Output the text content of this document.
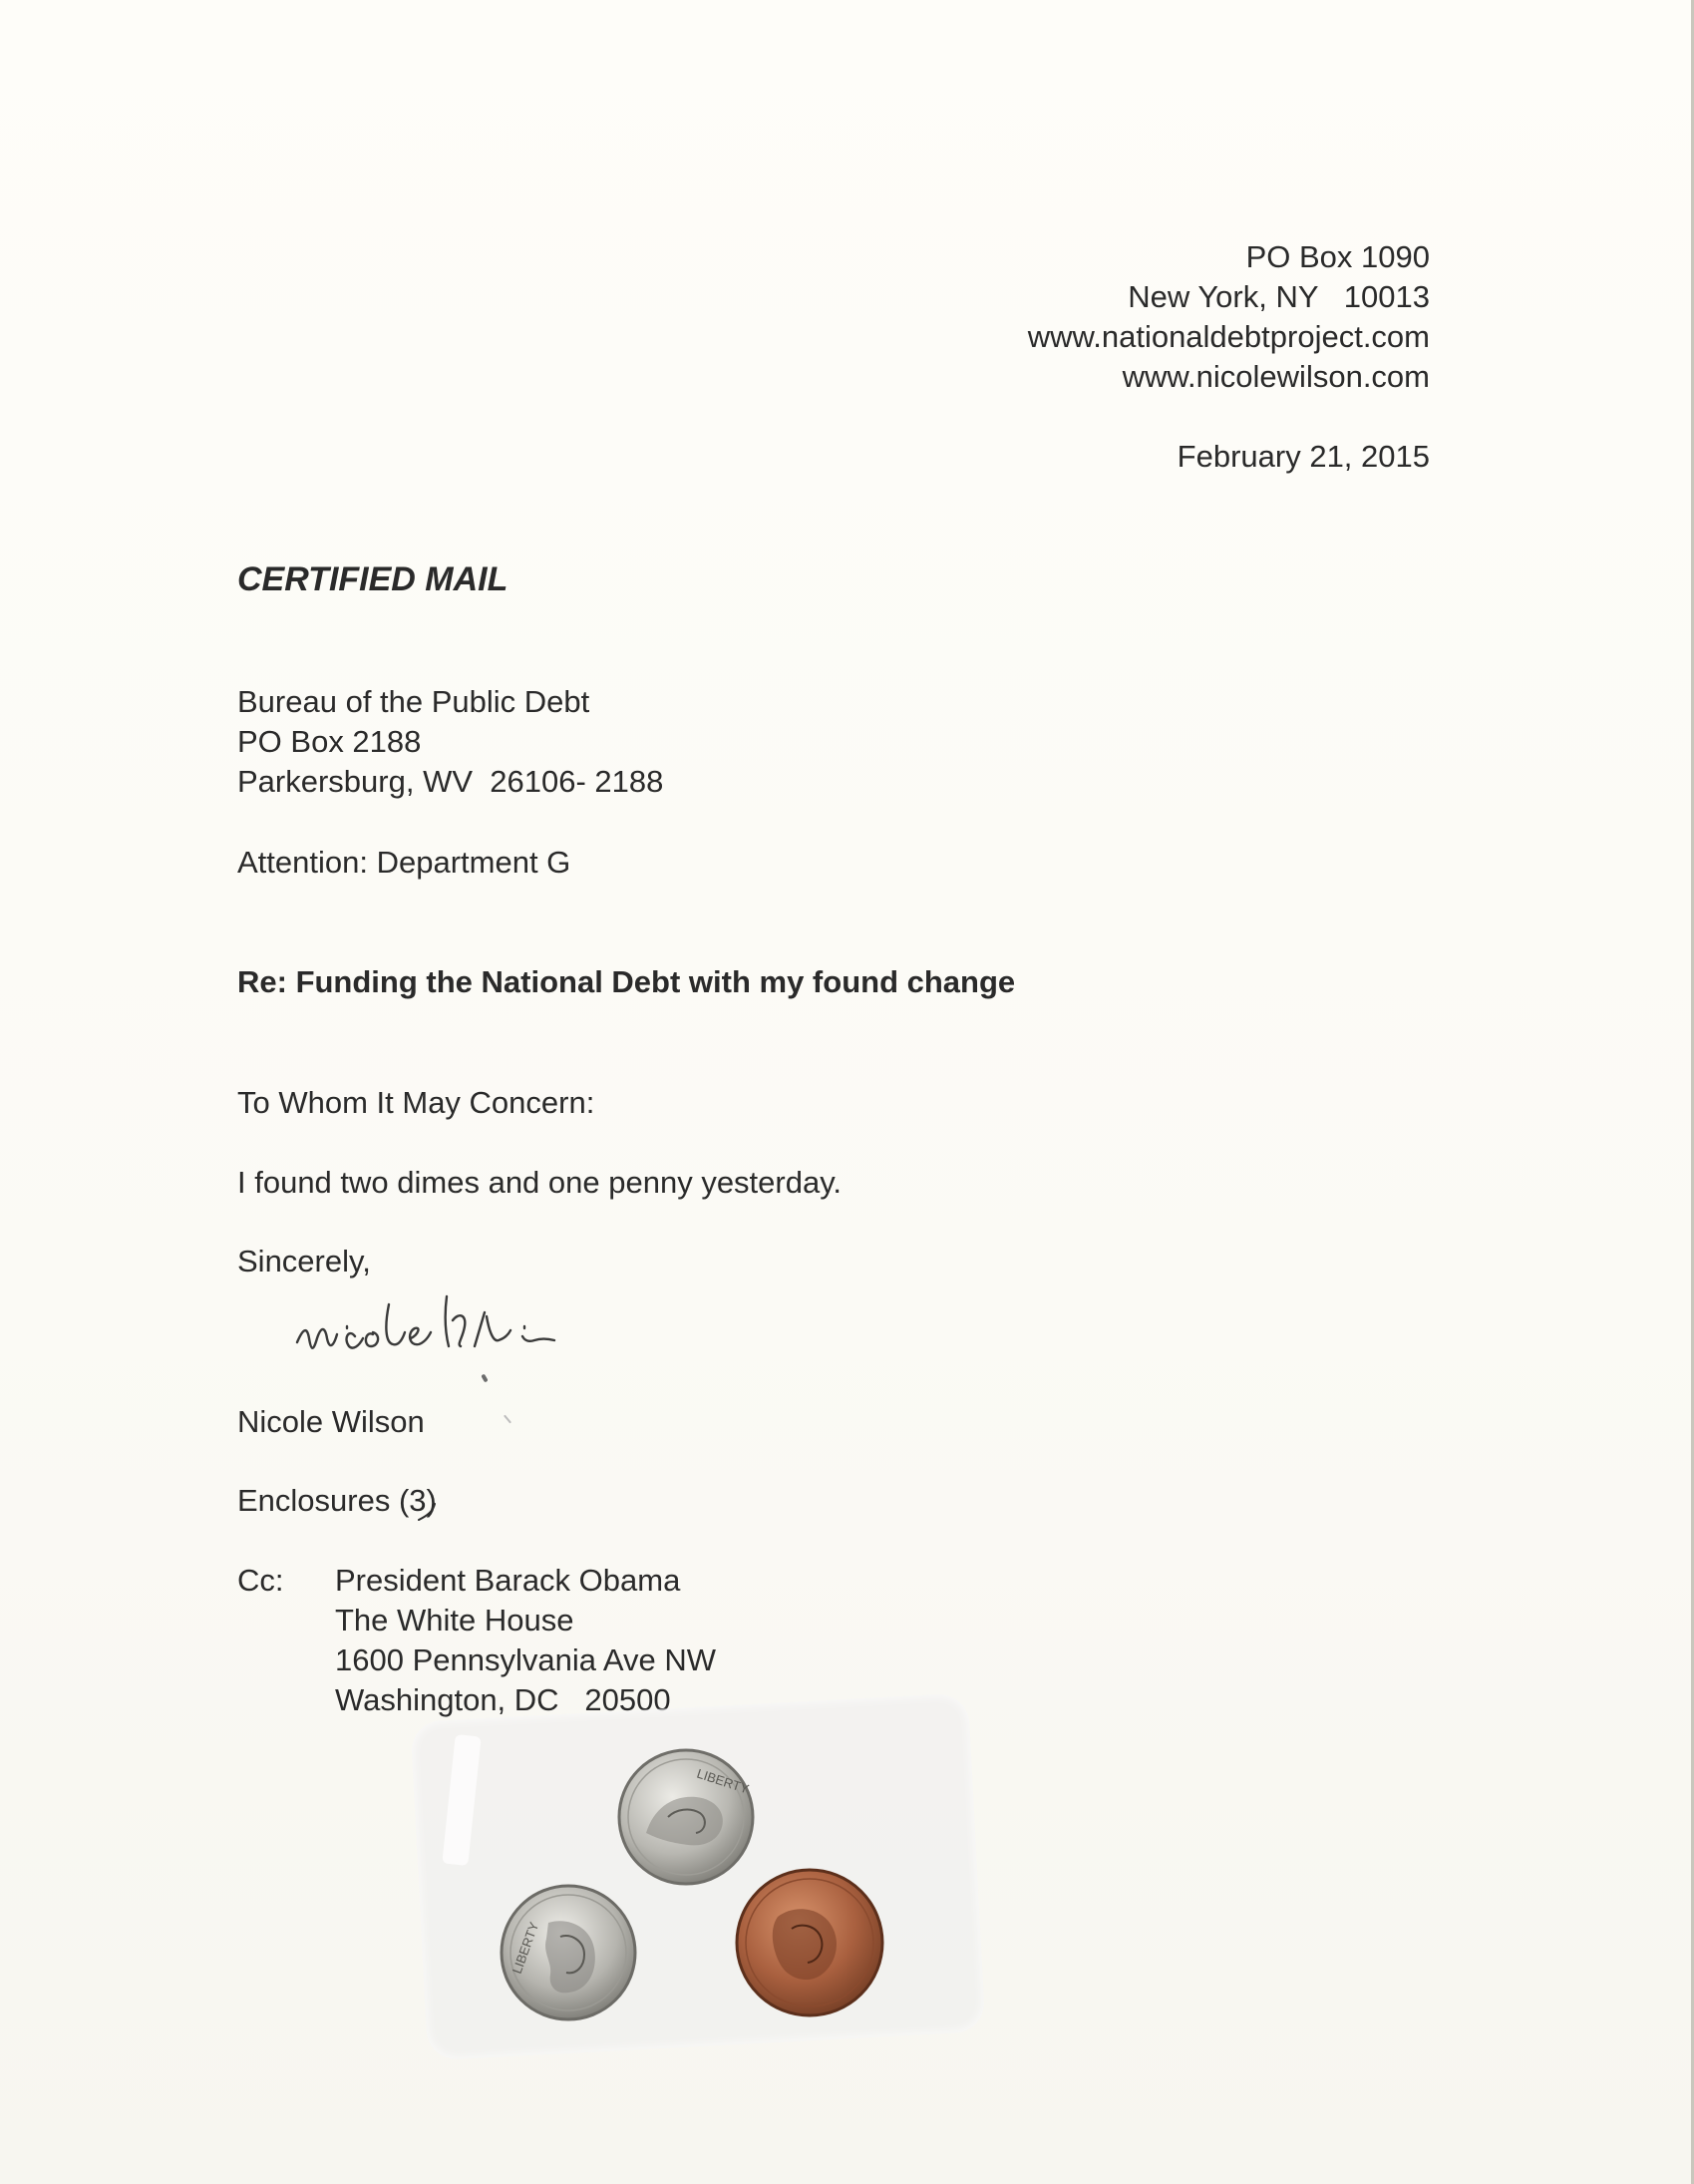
PO Box 1090
New York, NY   10013
www.nationaldebtproject.com
www.nicolewilson.com
February 21, 2015
CERTIFIED MAIL
Bureau of the Public Debt
PO Box 2188
Parkersburg, WV  26106- 2188

Attention: Department G

Re: Funding the National Debt with my found change

To Whom It May Concern:

I found two dimes and one penny yesterday.

Sincerely,

Nicole Wilson

Enclosures (3)

Cc: President Barack Obama
The White House
1600 Pennsylvania Ave NW
Washington, DC   20500
LIBERTY
LIBERTY
